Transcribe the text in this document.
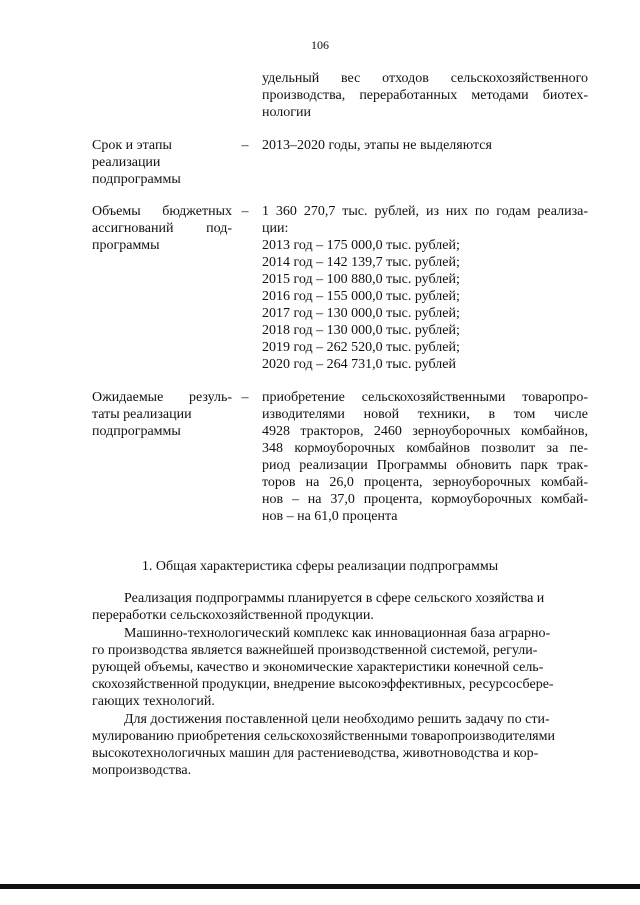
106
удельный вес отходов сельскохозяйственного
производства, переработанных методами биотех-
нологии
Срок и этапы
реализации
подпрограммы
– 2013–2020 годы, этапы не выделяются
Объемы бюджетных
ассигнований под-
программы
– 1 360 270,7 тыс. рублей, из них по годам реализа-
ции:
2013 год – 175 000,0 тыс. рублей;
2014 год – 142 139,7 тыс. рублей;
2015 год – 100 880,0 тыс. рублей;
2016 год – 155 000,0 тыс. рублей;
2017 год – 130 000,0 тыс. рублей;
2018 год – 130 000,0 тыс. рублей;
2019 год – 262 520,0 тыс. рублей;
2020 год – 264 731,0 тыс. рублей
Ожидаемые резуль-
таты реализации
подпрограммы
– приобретение сельскохозяйственными товаропро-
изводителями новой техники, в том числе
4928 тракторов, 2460 зерноуборочных комбайнов,
348 кормоуборочных комбайнов позволит за пе-
риод реализации Программы обновить парк трак-
торов на 26,0 процента, зерноуборочных комбай-
нов – на 37,0 процента, кормоуборочных комбай-
нов – на 61,0 процента
1. Общая характеристика сферы реализации подпрограммы
Реализация подпрограммы планируется в сфере сельского хозяйства и
переработки сельскохозяйственной продукции.
Машинно-технологический комплекс как инновационная база аграрно-
го производства является важнейшей производственной системой, регули-
рующей объемы, качество и экономические характеристики конечной сель-
скохозяйственной продукции, внедрение высокоэффективных, ресурсосбере-
гающих технологий.
Для достижения поставленной цели необходимо решить задачу по сти-
мулированию приобретения сельскохозяйственными товаропроизводителями
высокотехнологичных машин для растениеводства, животноводства и кор-
мопроизводства.
